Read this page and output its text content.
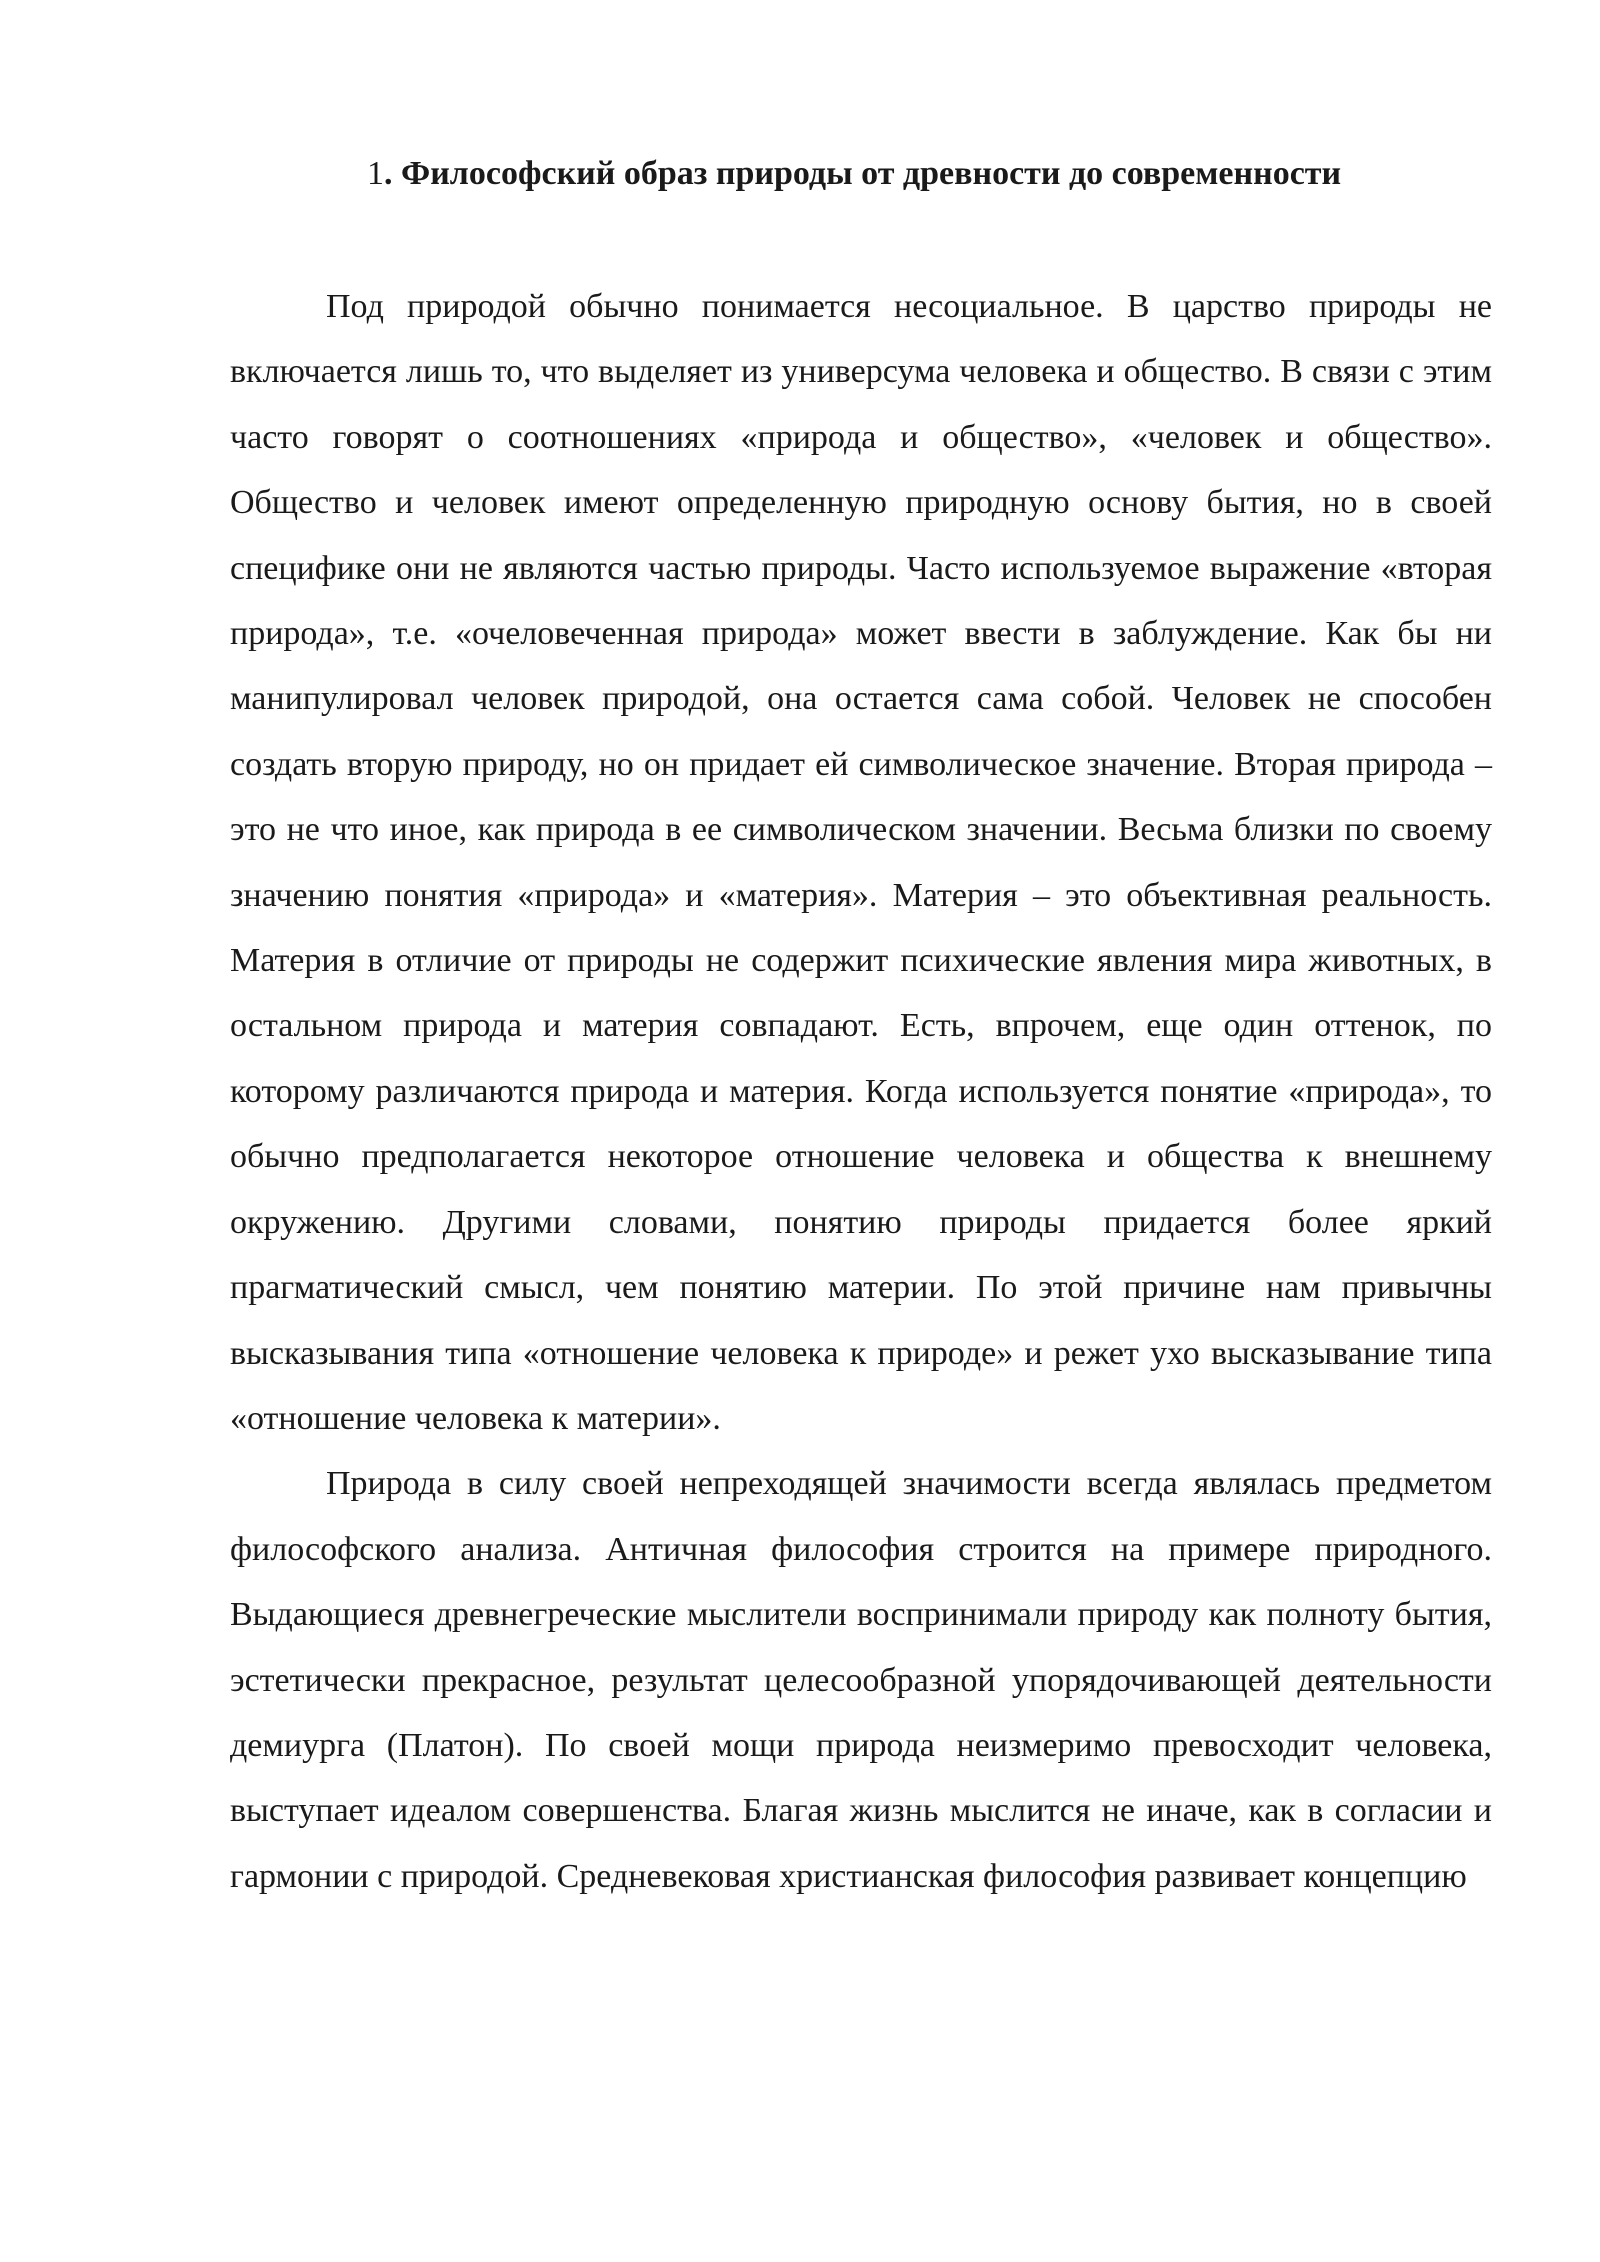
1. Философский образ природы от древности до современности

Под природой обычно понимается несоциальное. В царство природы не включается лишь то, что выделяет из универсума человека и общество. В связи с этим часто говорят о соотношениях «природа и общество», «человек и общество». Общество и человек имеют определенную природную основу бытия, но в своей специфике они не являются частью природы. Часто используемое выражение «вторая природа», т.е. «очеловеченная природа» может ввести в заблуждение. Как бы ни манипулировал человек природой, она остается сама собой. Человек не способен создать вторую природу, но он придает ей символическое значение. Вторая природа – это не что иное, как природа в ее символическом значении. Весьма близки по своему значению понятия «природа» и «материя». Материя – это объективная реальность. Материя в отличие от природы не содержит психические явления мира животных, в остальном природа и материя совпадают. Есть, впрочем, еще один оттенок, по которому различаются природа и материя. Когда используется понятие «природа», то обычно предполагается некоторое отношение человека и общества к внешнему окружению. Другими словами, понятию природы придается более яркий прагматический смысл, чем понятию материи. По этой причине нам привычны высказывания типа «отношение человека к природе» и режет ухо высказывание типа «отношение человека к материи».

Природа в силу своей непреходящей значимости всегда являлась предметом философского анализа. Античная философия строится на примере природного. Выдающиеся древнегреческие мыслители воспринимали природу как полноту бытия, эстетически прекрасное, результат целесообразной упорядочивающей деятельности демиурга (Платон). По своей мощи природа неизмеримо превосходит человека, выступает идеалом совершенства. Благая жизнь мыслится не иначе, как в согласии и гармонии с природой. Средневековая христианская философия развивает концепцию
